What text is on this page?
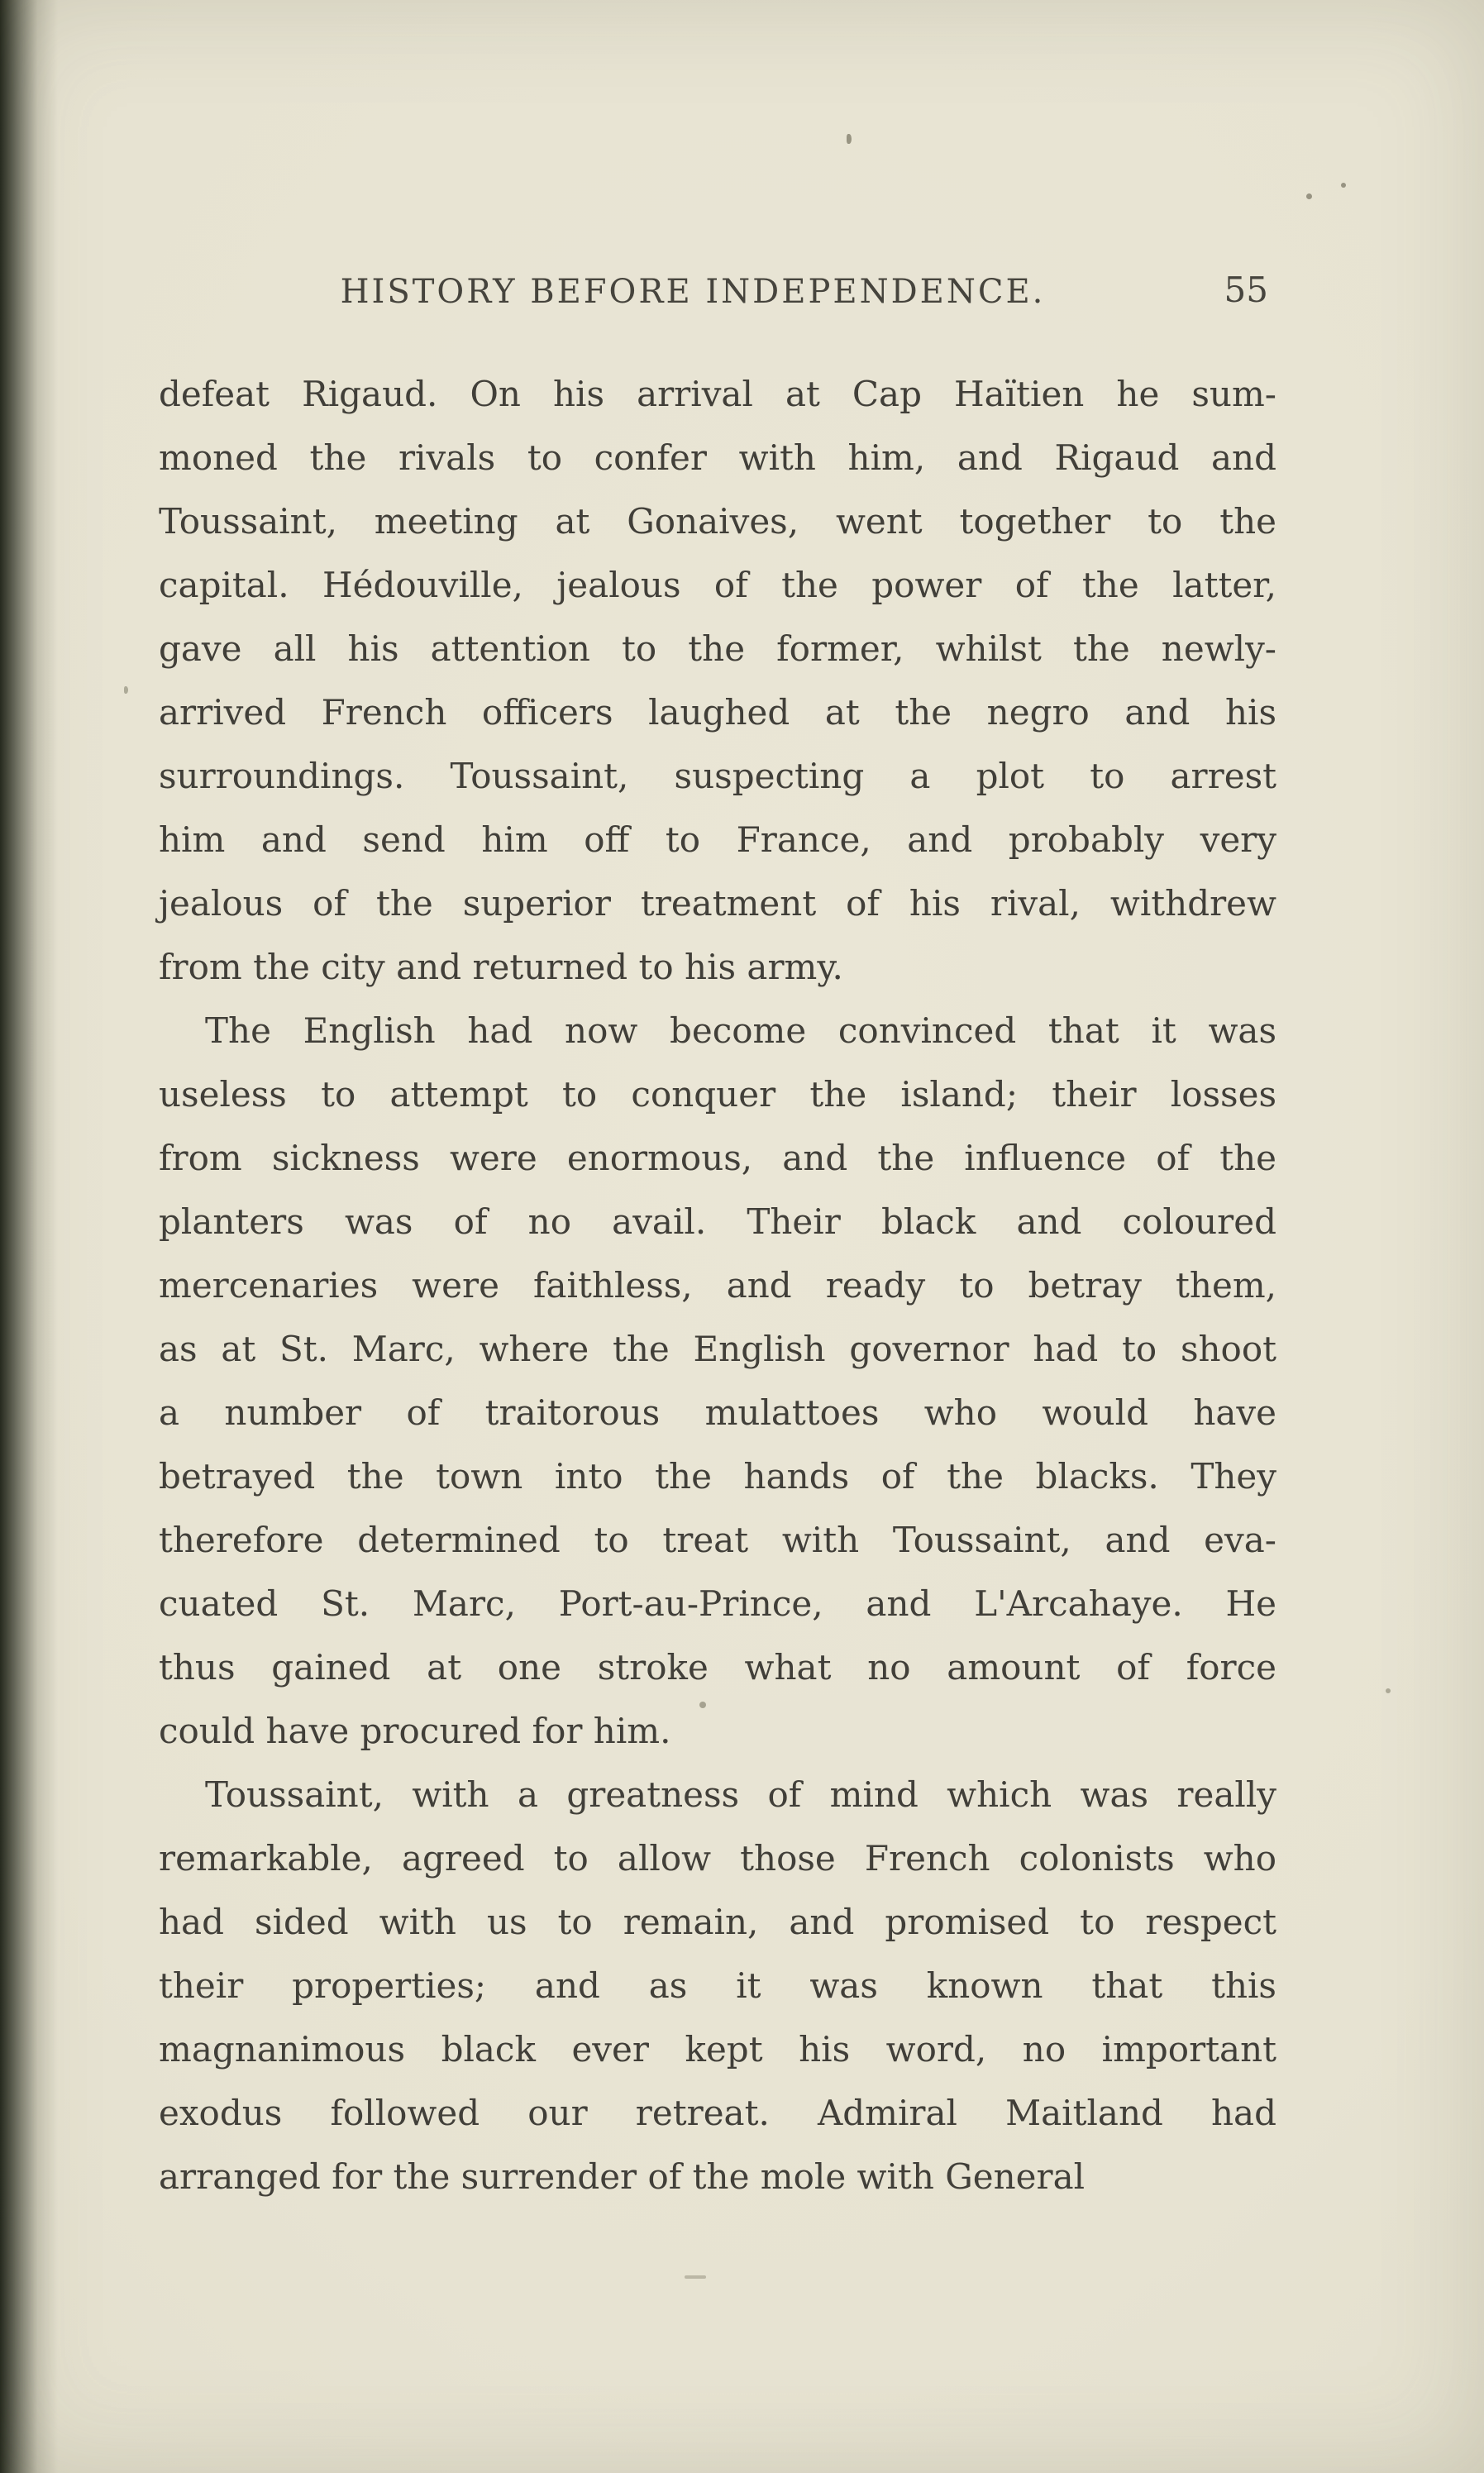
HISTORY BEFORE INDEPENDENCE.	55
defeat Rigaud. On his arrival at Cap Haïtien he sum-
moned the rivals to confer with him, and Rigaud and
Toussaint, meeting at Gonaives, went together to the
capital. Hédouville, jealous of the power of the latter,
gave all his attention to the former, whilst the newly-
arrived French officers laughed at the negro and his
surroundings. Toussaint, suspecting a plot to arrest
him and send him off to France, and probably very
jealous of the superior treatment of his rival, withdrew
from the city and returned to his army.
The English had now become convinced that it was
useless to attempt to conquer the island; their losses
from sickness were enormous, and the influence of the
planters was of no avail. Their black and coloured
mercenaries were faithless, and ready to betray them,
as at St. Marc, where the English governor had to shoot
a number of traitorous mulattoes who would have
betrayed the town into the hands of the blacks. They
therefore determined to treat with Toussaint, and eva-
cuated St. Marc, Port-au-Prince, and L'Arcahaye. He
thus gained at one stroke what no amount of force
could have procured for him.
Toussaint, with a greatness of mind which was really
remarkable, agreed to allow those French colonists who
had sided with us to remain, and promised to respect
their properties; and as it was known that this
magnanimous black ever kept his word, no important
exodus followed our retreat. Admiral Maitland had
arranged for the surrender of the mole with General
